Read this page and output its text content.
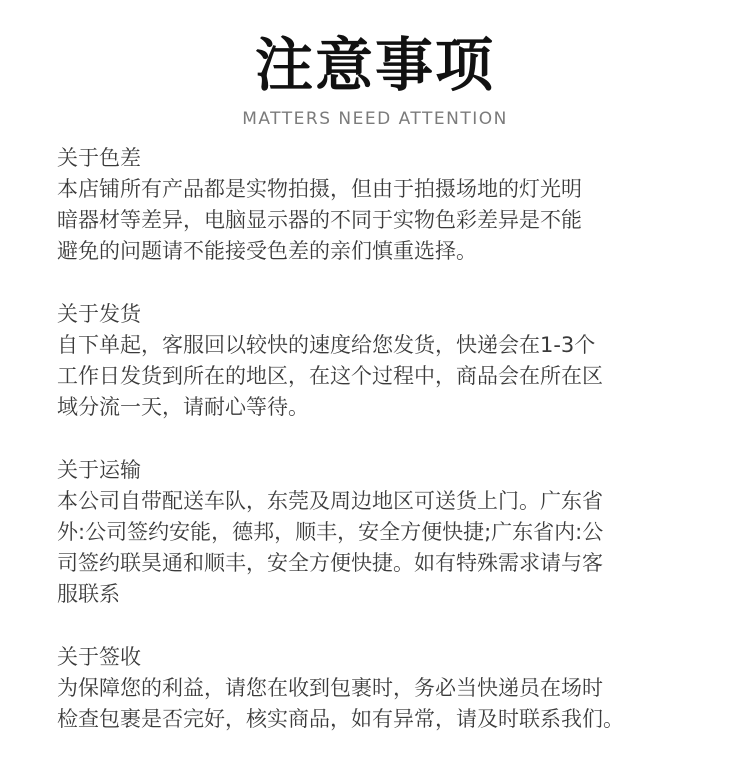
注意事项
MATTERS NEED ATTENTION
关于色差

本店铺所有产品都是实物拍摄，但由于拍摄场地的灯光明

暗器材等差异，电脑显示器的不同于实物色彩差异是不能

避免的问题请不能接受色差的亲们慎重选择。

关于发货

自下单起，客服回以较快的速度给您发货，快递会在1-3个

工作日发货到所在的地区，在这个过程中，商品会在所在区

域分流一天，请耐心等待。

关于运输

本公司自带配送车队，东莞及周边地区可送货上门。广东省

外:公司签约安能，德邦，顺丰，安全方便快捷;广东省内:公

司签约联昊通和顺丰，安全方便快捷。如有特殊需求请与客

服联系

关于签收

为保障您的利益，请您在收到包裹时，务必当快递员在场时

检查包裹是否完好，核实商品，如有异常，请及时联系我们。
